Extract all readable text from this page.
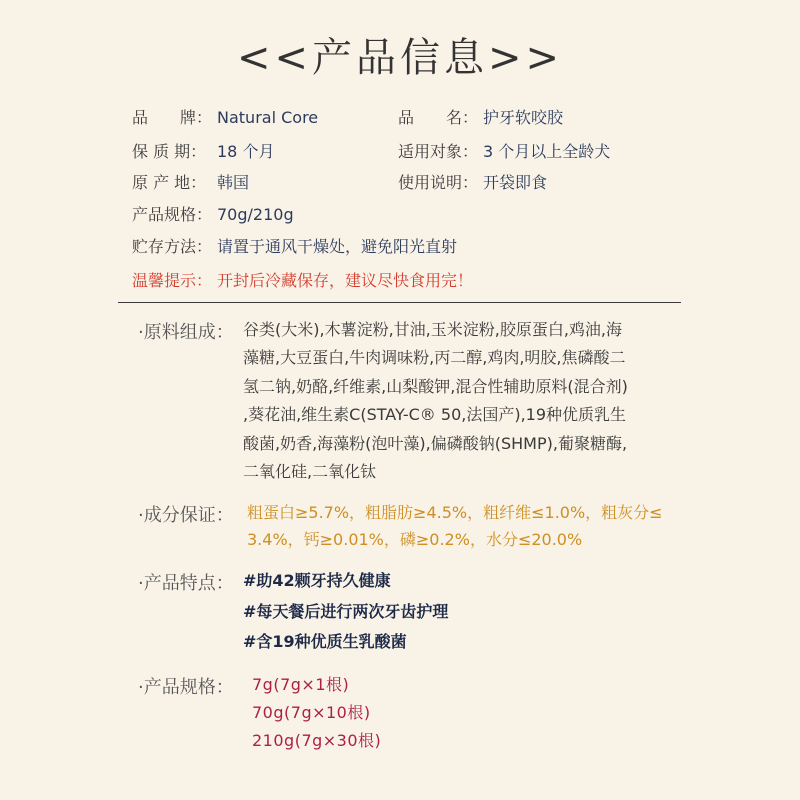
<<产品信息>>
品　　牌： Natural Core	品　　名： 护牙软咬胶
保 质 期： 18 个月	适用对象： 3 个月以上全龄犬
原 产 地： 韩国	使用说明： 开袋即食
产品规格： 70g/210g
贮存方法： 请置于通风干燥处，避免阳光直射
温馨提示： 开封后冷藏保存，建议尽快食用完！
·原料组成： 谷类(大米),木薯淀粉,甘油,玉米淀粉,胶原蛋白,鸡油,海
藻糖,大豆蛋白,牛肉调味粉,丙二醇,鸡肉,明胶,焦磷酸二
氢二钠,奶酪,纤维素,山梨酸钾,混合性辅助原料(混合剂)
,葵花油,维生素C(STAY-C® 50,法国产),19种优质乳生
酸菌,奶香,海藻粉(泡叶藻),偏磷酸钠(SHMP),葡聚糖酶,
二氧化硅,二氧化钛
·成分保证： 粗蛋白≥5.7%，粗脂肪≥4.5%，粗纤维≤1.0%，粗灰分≤
3.4%，钙≥0.01%，磷≥0.2%，水分≤20.0%
·产品特点： #助42颗牙持久健康
#每天餐后进行两次牙齿护理
#含19种优质生乳酸菌
·产品规格： 7g(7g×1根)
70g(7g×10根)
210g(7g×30根)
